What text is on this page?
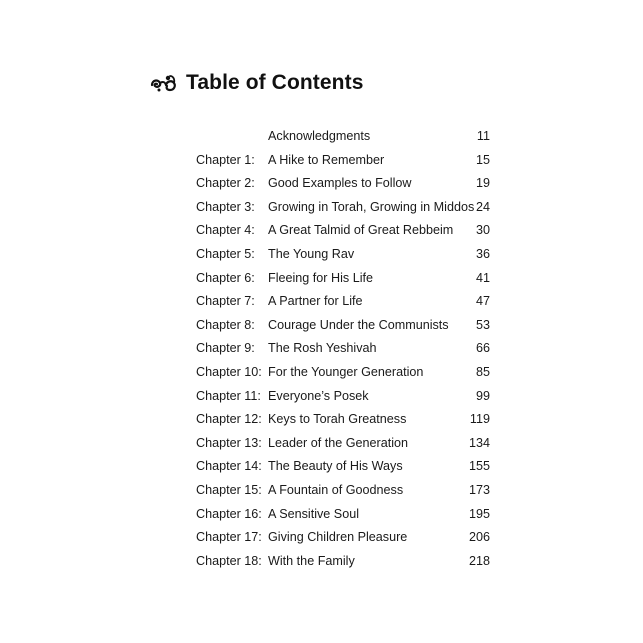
Table of Contents
Acknowledgments	11
Chapter 1: A Hike to Remember	15
Chapter 2: Good Examples to Follow	19
Chapter 3: Growing in Torah, Growing in Middos 24
Chapter 4: A Great Talmid of Great Rebbeim 30
Chapter 5: The Young Rav	36
Chapter 6: Fleeing for His Life	41
Chapter 7: A Partner for Life	47
Chapter 8: Courage Under the Communists 53
Chapter 9: The Rosh Yeshivah	66
Chapter 10: For the Younger Generation	85
Chapter 11: Everyone’s Posek	99
Chapter 12: Keys to Torah Greatness	119
Chapter 13: Leader of the Generation	134
Chapter 14: The Beauty of His Ways	155
Chapter 15: A Fountain of Goodness	173
Chapter 16: A Sensitive Soul	195
Chapter 17: Giving Children Pleasure	206
Chapter 18: With the Family	218
